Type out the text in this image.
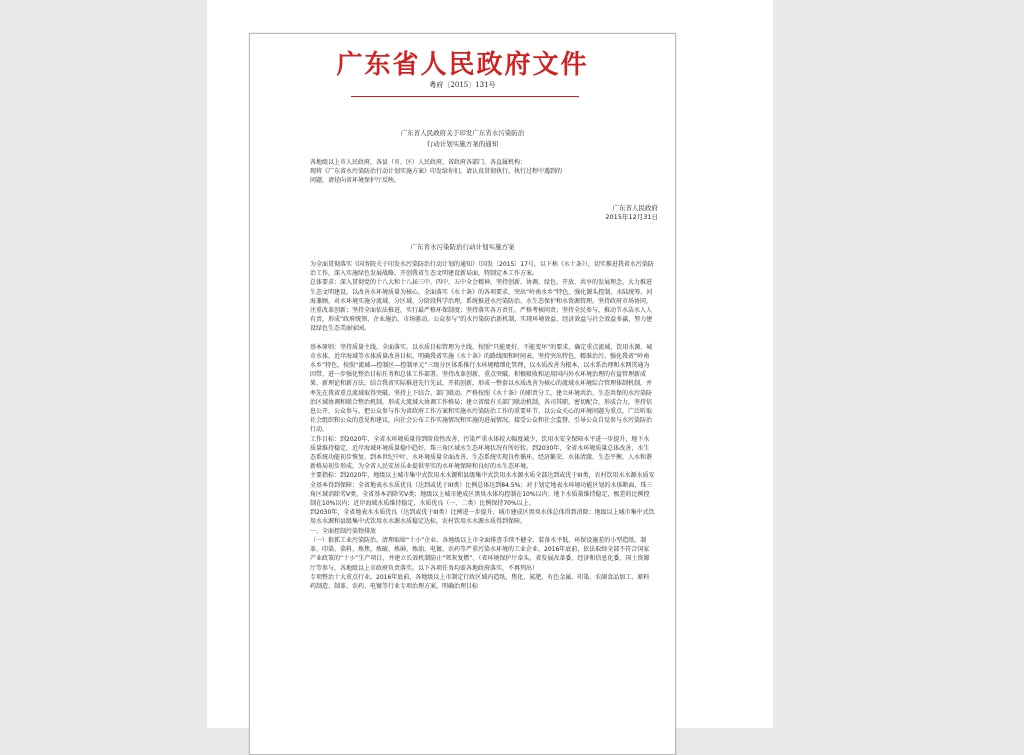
广东省人民政府文件
粤府〔2015〕131号
广东省人民政府关于印发广东省水污染防治
行动计划实施方案的通知

各地级以上市人民政府，各县（市、区）人民政府，省政府各部门、各直属机构：

现将《广东省水污染防治行动计划实施方案》印发给你们，请认真贯彻执行。执行过程中遇到的

问题，请径向省环境保护厅反映。

广东省人民政府
2015年12月31日
广东省水污染防治行动计划实施方案

为全面贯彻落实《国务院关于印发水污染防治行动计划的通知》（国发〔2015〕17号，以下称《水十条》），切实推进我省水污染防治工作，深入实施绿色发展战略，开创我省生态文明建设新局面，特制定本工作方案。

总体要求：深入贯彻党的十八大和十八届三中、四中、五中全会精神，坚持创新、协调、绿色、开放、共享的发展理念，大力推进生态文明建设，以改善水环境质量为核心，全面落实《水十条》的各项要求，突出“岭南水乡”特色，强化源头控制，水陆统筹、河海兼顾，对水环境实施分流域、分区域、分阶段科学治理，系统推进水污染防治、水生态保护和水资源管理。坚持政府市场协同，注重改革创新；坚持全面依法推进，实行最严格环保制度；坚持落实各方责任，严格考核问责；坚持全民参与，推动节水洁水人人有责，形成“政府统领、企业施治、市场驱动、公众参与”的水污染防治新机制，实现环境效益、经济效益与社会效益多赢，努力建设绿色生态美丽家园。

基本原则：坚持质量主线，全面落实。以水质目标管理为主线，按照“只能更好、不能变坏”的要求，确定重点流域、饮用水源、城市水体、近岸海域等水体质量改善目标，明确我省实施《水十条》的路线图和时间表。坚持突出特色，精准治污。强化我省“岭南水乡”特色，按照“流域—控制区—控制单元”三级分区体系推行水环境精细化管理，以水质改善为根本，以水系治理和水网贯通为因带，进一步强化整治目标任务和总体工作部署。坚持改革创新，重点突破。积极吸收和运用国内外水环境治理的有益管理新成果、新理论和新方法，结合我省实际推进先行先试、开拓创新，形成一整套以水质改善为核心的流域水环境综合管理体制机制，并率先在我省重点流域取得突破。坚持上下结合、部门联动。严格按照《水十条》的职责分工，建立环境共治、生态共保的水污染防治区域协调和联合整治机制，形成大流域大协调工作格局；建立省级有关部门联动机制，各司其职，密切配合，形成合力。坚持信息公开、公众参与。把公众参与作为省政府工作方案和实施水污染防治工作的重要环节，以公众关心的环境问题为重点，广泛听取社会组织和公众的意见和建议，向社会公布工作实施情况和实施的进展情况，接受公众和社会监督，引导公众自觉参与水污染防治行动。

工作目标：到2020年，全省水环境质量得到阶段性改善，污染严重水体较大幅度减少，饮用水安全保障水平进一步提升，地下水质量维持稳定，近岸海域环境质量稳中趋好，珠三角区域水生态环境状况有所好转。到2030年，全省水环境质量总体改善，水生态系统功能初步恢复。到本世纪中叶，水环境质量全面改善，生态系统实现良性循环，经济繁荣、水体清澈、生态平衡，人水和谐新格局初步形成，为全省人民安居乐业提供坚实的水环境保障和良好的水生态环境。

主要指标：到2020年，地级以上城市集中式饮用水水源和县级集中式饮用水水源水质全部达到或优于III类，农村饮用水水源水质安全基本得到保障；全省地表水水质优良（达到或优于III类）比例总体达到84.5%；对于划定地表水环境功能区划的水体断面，珠三角区域消除劣V类，全省基本消除劣V类；地级以上城市建成区黑臭水体均控制在10%以内；地下水质量维持稳定，极差的比例控制在10%以内；近岸海域水质维持稳定，水质优良（一、二类）比例保持70%以上。

到2030年，全省地表水水质优良（达到或优于III类）比例进一步提升，城市建成区黑臭水体总体得到消除；地级以上城市集中式饮用水水源和县级集中式饮用水水源水质稳定达标，农村饮用水水源水质得到保障。

一、全面控制污染物排放

（一）狠抓工业污染防治。清理取缔“十小”企业。各地级以上市全面排查手续不健全、装备水平低、环保设施差的小型造纸、制革、印染、染料、炼焦、炼硫、炼砷、炼油、电镀、农药等严重污染水环境的工业企业。2016年底前，依法取缔全部不符合国家产业政策的“十小”生产项目，并建立长效机制防止“死灰复燃”。（省环境保护厅牵头，省发展改革委、经济和信息化委、国土资源厅等参与，各地级以上市政府负责落实。以下各项任务均需各地政府落实，不再列出）

专项整治十大重点行业。2016年底前，各地级以上市制定行政区域内造纸、焦化、氮肥、有色金属、印染、农副食品加工、原料药制造、制革、农药、电镀等行业专项治理方案，明确治理目标
